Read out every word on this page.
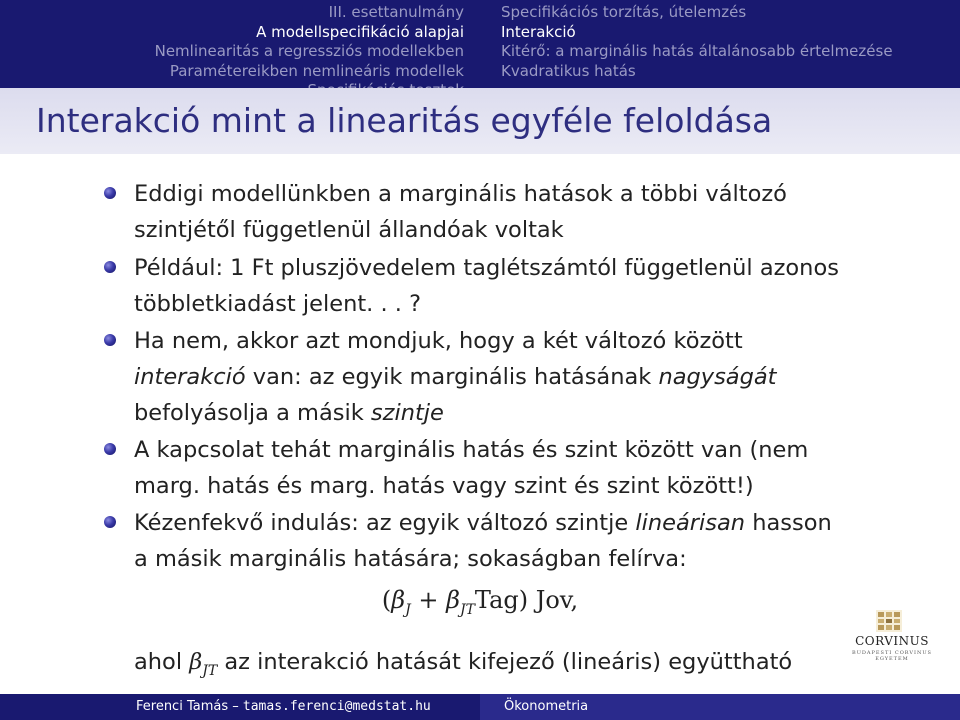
III. esettanulmány
A modellspecifikáció alapjai
Nemlinearitás a regressziós modellekben
Paramétereikben nemlineáris modellek
Specifikációs torzítás, útelemzés
Interakció
Kitérő: a marginális hatás általánosabb értelmezése
Kvadratikus hatás
Interakció mint a linearitás egyféle feloldása
Eddigi modellünkben a marginális hatások a többi változó
szintjétől függetlenül állandóak voltak
Például: 1 Ft pluszjövedelem taglétszámtól függetlenül azonos
többletkiadást jelent. . . ?
Ha nem, akkor azt mondjuk, hogy a két változó között
interakció van: az egyik marginális hatásának nagyságát
befolyásolja a másik szintje
A kapcsolat tehát marginális hatás és szint között van (nem
marg. hatás és marg. hatás vagy szint és szint között!)
Kézenfekvő indulás: az egyik változó szintje lineárisan hasson
a másik marginális hatására; sokaságban felírva:
$(\beta_J + \beta_{JT}Tag)$ Jov,
ahol $\beta_{JT}$ az interakció hatását kifejező (lineáris) együttható
CORVINUS
BUDAPESTI CORVINUS EGYETEM
Ferenci Tamás – tamas.ferenci@medstat.hu	Ökonometria
